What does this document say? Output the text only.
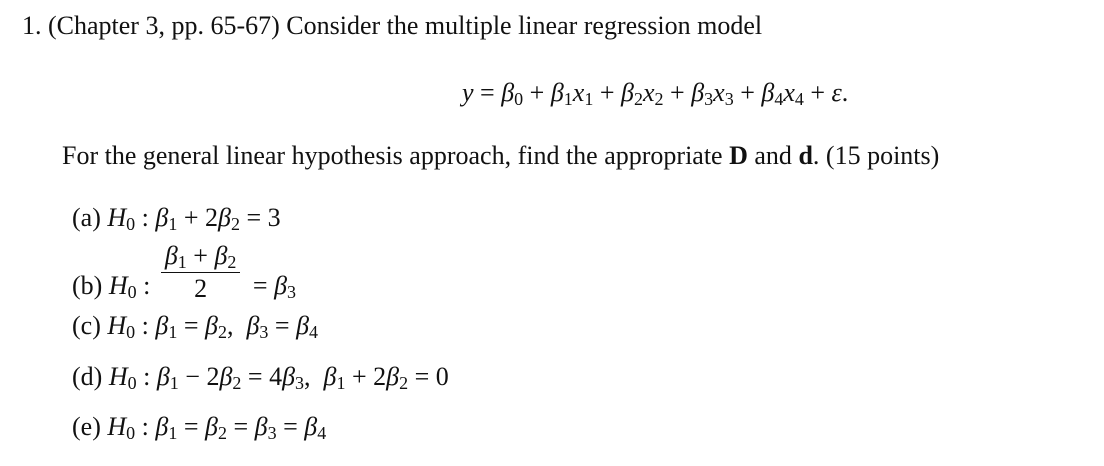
1. (Chapter 3, pp. 65-67) Consider the multiple linear regression model
$y = \beta_0 + \beta_1x_1 + \beta_2x_2 + \beta_3x_3 + \beta_4x_4 + \varepsilon$.
For the general linear hypothesis approach, find the appropriate D and d. (15 points)
(a) $H_0$ : $\beta_1 + 2\beta_2 = 3$
(b) $H_0$ : $\frac{\beta_1 + \beta_2}{2} = \beta_3$
(c) $H_0$ : $\beta_1 = \beta_2$,  $\beta_3 = \beta_4$
(d) $H_0$ : $\beta_1 - 2\beta_2 = 4\beta_3$,  $\beta_1 + 2\beta_2 = 0$
(e) $H_0$ : $\beta_1 = \beta_2 = \beta_3 = \beta_4$
